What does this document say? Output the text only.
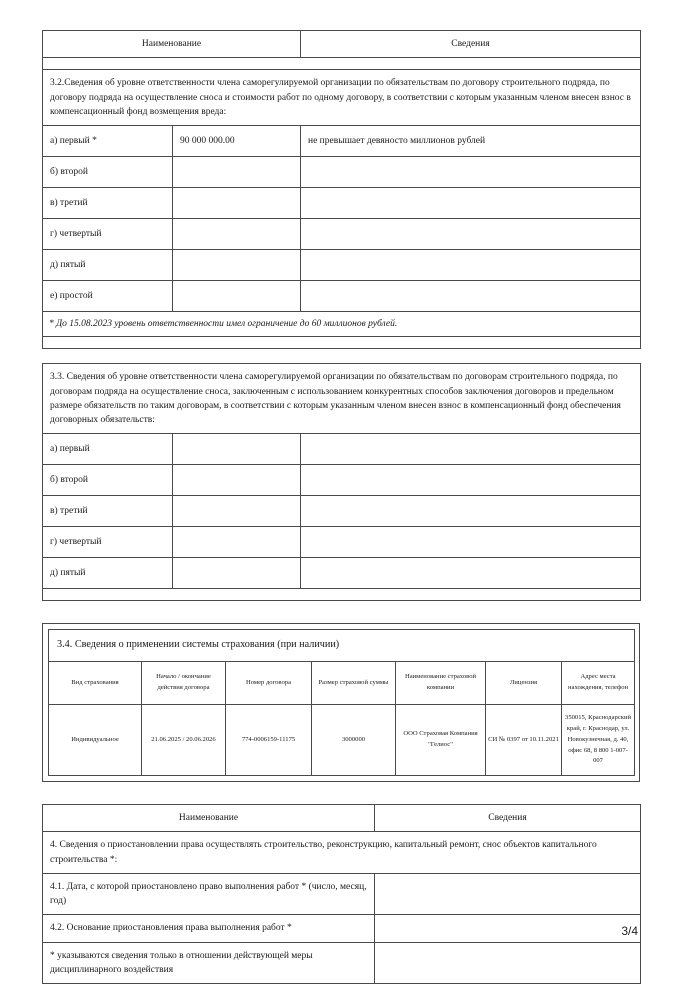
Наименование		Сведения

3.2.Сведения об уровне ответственности члена саморегулируемой организации по обязательствам по договору строительного подряда, по договору подряда на осуществление сноса и стоимости работ по одному договору, в соответствии с которым указанным членом внесен взнос в компенсационный фонд возмещения вреда:		
а) первый *	90 000 000.00	не превышает девяносто миллионов рублей
б) второй		
в) третий		
г) четвертый		
д) пятый		
е) простой		
* До 15.08.2023 уровень ответственности имел ограничение до 60 миллионов рублей.		

3.3. Сведения об уровне ответственности члена саморегулируемой организации по обязательствам по договорам строительного подряда, по договорам подряда на осуществление сноса, заключенным с использованием конкурентных способов заключения договоров и предельном размере обязательств по таким договорам, в соответствии с которым указанным членом внесен взнос в компенсационный фонд обеспечения договорных обязательств:		
а) первый		
б) второй		
в) третий		
г) четвертый		
д) пятый		

3.4. Сведения о применении системы страхования (при наличии)						
Вид страхования	Начало / окончание действия договора	Номер договора	Размер страховой суммы	Наименование страховой компании	Лицензия	Адрес места нахождения, телефон
Индивидуальное	21.06.2025 / 20.06.2026	774-0006159-11175	3000000	ООО Страховая Компания "Гелиос"	СИ № 0397 от 10.11.2021	350015, Краснодарский край, г. Краснодар, ул. Новокузнечная, д. 40, офис 68, 8 800 1-007-007
Наименование	Сведения
4. Сведения о приостановлении права осуществлять строительство, реконструкцию, капитальный ремонт, снос объектов капитального строительства *:	
4.1. Дата, с которой приостановлено право выполнения работ * (число, месяц, год)	
4.2. Основание приостановления права выполнения работ *	
* указываются сведения только в отношении действующей меры дисциплинарного воздействия	
3/4
